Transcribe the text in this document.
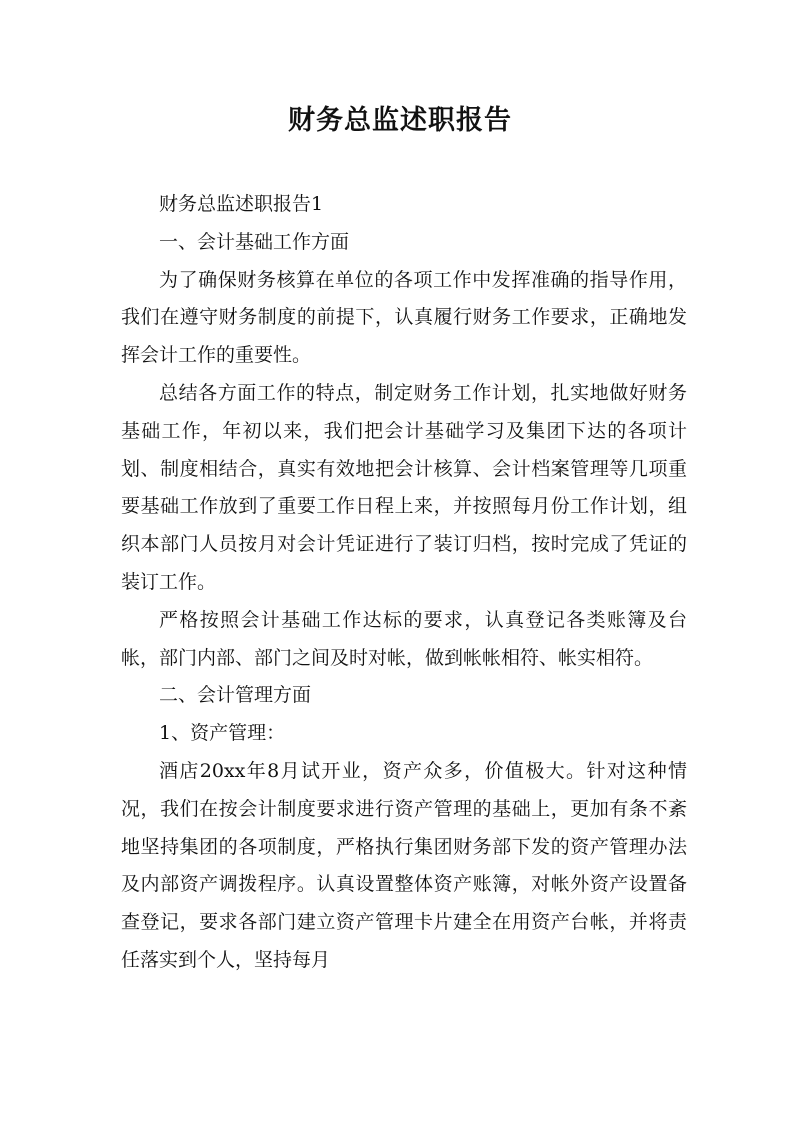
财务总监述职报告

财务总监述职报告1

一、会计基础工作方面

为了确保财务核算在单位的各项工作中发挥准确的指导作用，我们在遵守财务制度的前提下，认真履行财务工作要求，正确地发挥会计工作的重要性。

总结各方面工作的特点，制定财务工作计划，扎实地做好财务基础工作，年初以来，我们把会计基础学习及集团下达的各项计划、制度相结合，真实有效地把会计核算、会计档案管理等几项重要基础工作放到了重要工作日程上来，并按照每月份工作计划，组织本部门人员按月对会计凭证进行了装订归档，按时完成了凭证的装订工作。

严格按照会计基础工作达标的要求，认真登记各类账簿及台帐，部门内部、部门之间及时对帐，做到帐帐相符、帐实相符。

二、会计管理方面

1、资产管理：

酒店20xx年8月试开业，资产众多，价值极大。针对这种情况，我们在按会计制度要求进行资产管理的基础上，更加有条不紊地坚持集团的各项制度，严格执行集团财务部下发的资产管理办法及内部资产调拨程序。认真设置整体资产账簿，对帐外资产设置备查登记，要求各部门建立资产管理卡片建全在用资产台帐，并将责任落实到个人，坚持每月
